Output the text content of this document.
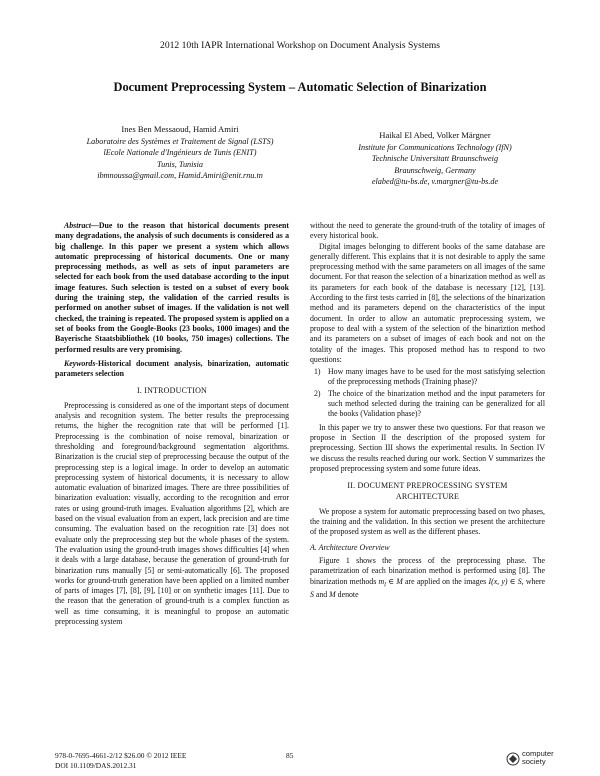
2012 10th IAPR International Workshop on Document Analysis Systems
Document Preprocessing System – Automatic Selection of Binarization
Ines Ben Messaoud, Hamid Amiri
Laboratoire des Systèmes et Traitement de Signal (LSTS)
lEcole Nationale d'Ingénieurs de Tunis (ENIT)
Tunis, Tunisia
ibmnoussa@gmail.com, Hamid.Amiri@enit.rnu.tn
Haikal El Abed, Volker Märgner
Institute for Communications Technology (IfN)
Technische Universitatt Braunschweig
Braunschweig, Germany
elabed@tu-bs.de, v.margner@tu-bs.de

Abstract—Due to the reason that historical documents present many degradations, the analysis of such documents is considered as a big challenge. In this paper we present a system which allows automatic preprocessing of historical documents. One or many preprocessing methods, as well as sets of input parameters are selected for each book from the used database according to the input image features. Such selection is tested on a subset of every book during the training step, the validation of the carried results is performed on another subset of images. If the validation is not well checked, the training is repeated. The proposed system is applied on a set of books from the Google-Books (23 books, 1000 images) and the Bayerische Staatsbibliothek (10 books, 750 images) collections. The performed results are very promising.

Keywords-Historical document analysis, binarization, automatic parameters selection

I. INTRODUCTION

Preprocessing is considered as one of the important steps of document analysis and recognition system. The better results the preprocessing returns, the higher the recognition rate that will be performed [1]. Preprocessing is the combination of noise removal, binarization or thresholding and foreground/background segmentation algorithms. Binarization is the crucial step of preprocessing because the output of the preprocessing step is a logical image. In order to develop an automatic preprocessing system of historical documents, it is necessary to allow automatic evaluation of binarized images. There are three possibilities of binarization evaluation: visually, according to the recognition and error rates or using ground-truth images. Evaluation algorithms [2], which are based on the visual evaluation from an expert, lack precision and are time consuming. The evaluation based on the recognition rate [3] does not evaluate only the preprocessing step but the whole phases of the system. The evaluation using the ground-truth images shows difficulties [4] when it deals with a large database, because the generation of ground-truth for binarization runs manually [5] or semi-automatically [6]. The proposed works for ground-truth generation have been applied on a limited number of parts of images [7], [8], [9], [10] or on synthetic images [11]. Due to the reason that the generation of ground-truth is a complex function as well as time consuming, it is meaningful to propose an automatic preprocessing system

without the need to generate the ground-truth of the totality of images of every historical book.

Digital images belonging to different books of the same database are generally different. This explains that it is not desirable to apply the same preprocessing method with the same parameters on all images of the same document. For that reason the selection of a binarization method as well as its parameters for each book of the database is necessary [12], [13]. According to the first tests carried in [8], the selections of the binarization method and its parameters depend on the characteristics of the input document. In order to allow an automatic preprocessing system, we propose to deal with a system of the selection of the binariztion method and its parameters on a subset of images of each book and not on the totality of the images. This proposed method has to respond to two questions:

1) How many images have to be used for the most satisfying selection of the preprocessing methods (Training phase)?
2) The choice of the binarization method and the input parameters for such method selected during the training can be generalized for all the books (Validation phase)?

In this paper we try to answer these two questions. For that reason we propose in Section II the description of the proposed system for preprocessing. Section III shows the experimental results. In Section IV we discuss the results reached during our work. Section V summarizes the proposed preprocessing system and some future ideas.

II. DOCUMENT PREPROCESSING SYSTEM
ARCHITECTURE

We propose a system for automatic preprocessing based on two phases, the training and the validation. In this section we present the architecture of the proposed system as well as the different phases.

A. Architecture Overview

Figure 1 shows the process of the preprocessing phase. The parametrization of each binarization method is performed using [8]. The binarization methods $m_l$ ∈ M are applied on the images I(x, y) ∈ S, where S and M denote

978-0-7695-4661-2/12 $26.00 © 2012 IEEE
DOI 10.1109/DAS.2012.31
85	computer
society
